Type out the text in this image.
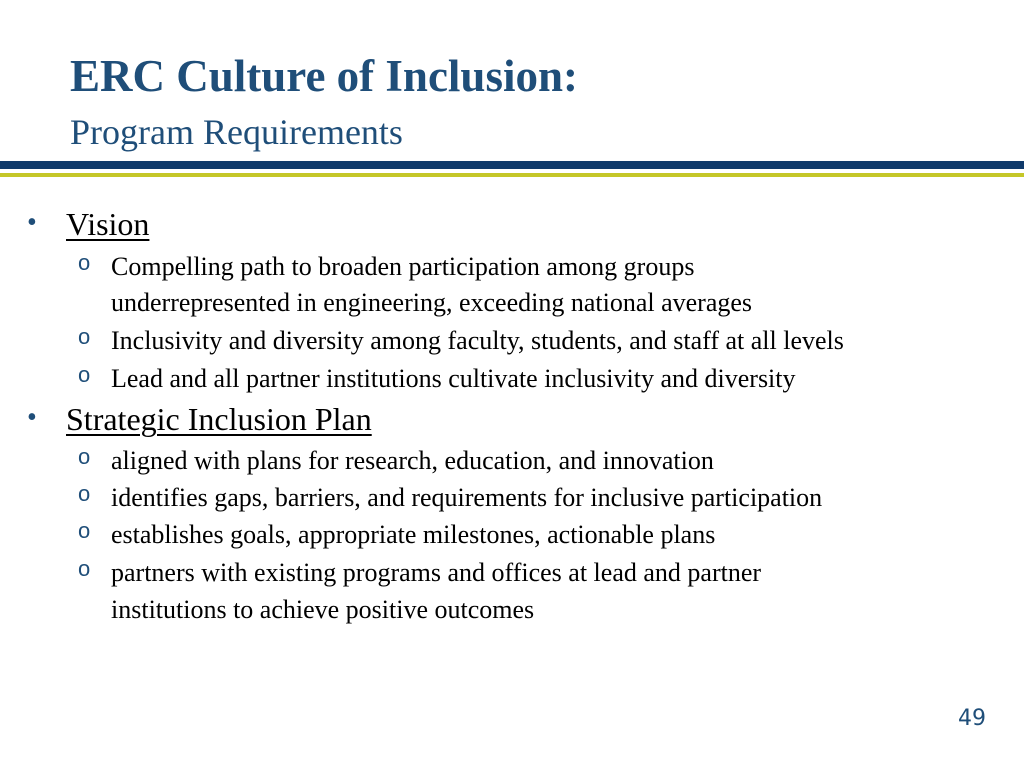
ERC Culture of Inclusion:
Program Requirements
• Vision
o Compelling path to broaden participation among groups
underrepresented in engineering, exceeding national averages
o Inclusivity and diversity among faculty, students, and staff at all levels
o Lead and all partner institutions cultivate inclusivity and diversity
• Strategic Inclusion Plan
o aligned with plans for research, education, and innovation
o identifies gaps, barriers, and requirements for inclusive participation
o establishes goals, appropriate milestones, actionable plans
o partners with existing programs and offices at lead and partner
institutions to achieve positive outcomes
49
